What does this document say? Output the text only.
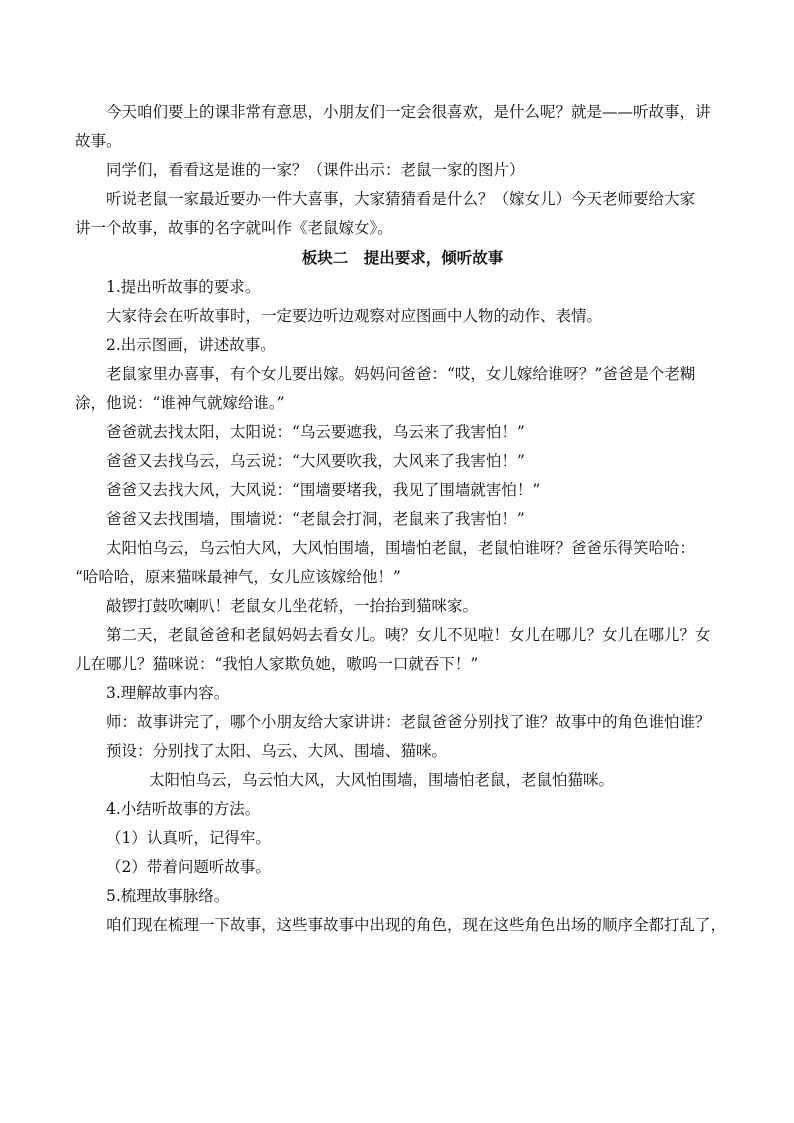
今天咱们要上的课非常有意思，小朋友们一定会很喜欢，是什么呢？就是——听故事，讲

故事。

同学们，看看这是谁的一家？（课件出示：老鼠一家的图片）

听说老鼠一家最近要办一件大喜事，大家猜猜看是什么？（嫁女儿）今天老师要给大家

讲一个故事，故事的名字就叫作《老鼠嫁女》。

板块二　提出要求，倾听故事

1.提出听故事的要求。

大家待会在听故事时，一定要边听边观察对应图画中人物的动作、表情。

2.出示图画，讲述故事。

老鼠家里办喜事，有个女儿要出嫁。妈妈问爸爸：“哎，女儿嫁给谁呀？”爸爸是个老糊

涂，他说：“谁神气就嫁给谁。”

爸爸就去找太阳，太阳说：“乌云要遮我，乌云来了我害怕！”

爸爸又去找乌云，乌云说：“大风要吹我，大风来了我害怕！”

爸爸又去找大风，大风说：“围墙要堵我，我见了围墙就害怕！”

爸爸又去找围墙，围墙说：“老鼠会打洞，老鼠来了我害怕！”

太阳怕乌云，乌云怕大风，大风怕围墙，围墙怕老鼠，老鼠怕谁呀？爸爸乐得笑哈哈：

“哈哈哈，原来猫咪最神气，女儿应该嫁给他！”

敲锣打鼓吹喇叭！老鼠女儿坐花轿，一抬抬到猫咪家。

第二天，老鼠爸爸和老鼠妈妈去看女儿。咦？女儿不见啦！女儿在哪儿？女儿在哪儿？女

儿在哪儿？猫咪说：“我怕人家欺负她，嗷呜一口就吞下！”

3.理解故事内容。

师：故事讲完了，哪个小朋友给大家讲讲：老鼠爸爸分别找了谁？故事中的角色谁怕谁？

预设：分别找了太阳、乌云、大风、围墙、猫咪。

太阳怕乌云，乌云怕大风，大风怕围墙，围墙怕老鼠，老鼠怕猫咪。

4.小结听故事的方法。

（1）认真听，记得牢。

（2）带着问题听故事。

5.梳理故事脉络。

咱们现在梳理一下故事，这些事故事中出现的角色，现在这些角色出场的顺序全都打乱了，
